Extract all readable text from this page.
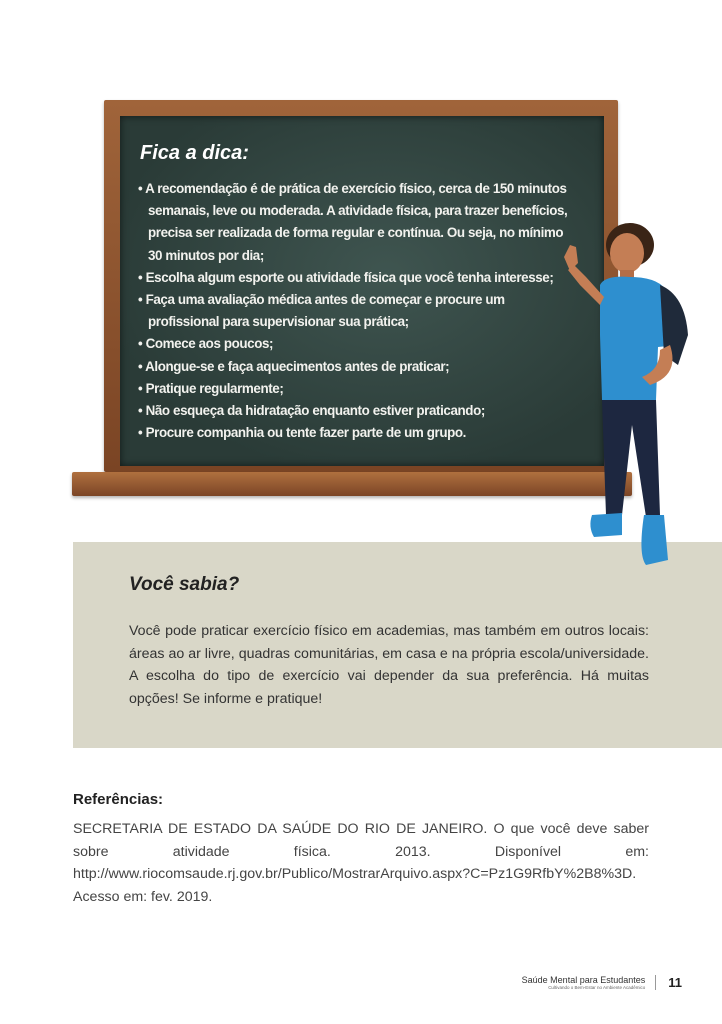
Fica a dica:
• A recomendação é de prática de exercício físico, cerca de 150 minutos semanais, leve ou moderada. A atividade física, para trazer benefícios, precisa ser realizada de forma regular e contínua. Ou seja, no mínimo 30 minutos por dia;
• Escolha algum esporte ou atividade física que você tenha interesse;
• Faça uma avaliação médica antes de começar e procure um profissional para supervisionar sua prática;
• Comece aos poucos;
• Alongue-se e faça aquecimentos antes de praticar;
• Pratique regularmente;
• Não esqueça da hidratação enquanto estiver praticando;
• Procure companhia ou tente fazer parte de um grupo.
Você sabia?
Você pode praticar exercício físico em academias, mas também em outros locais: áreas ao ar livre, quadras comunitárias, em casa e na própria escola/universidade. A escolha do tipo de exercício vai depender da sua preferência. Há muitas opções! Se informe e pratique!
Referências:
SECRETARIA DE ESTADO DA SAÚDE DO RIO DE JANEIRO. O que você deve saber sobre atividade física. 2013. Disponível em: http://www.riocomsaude.rj.gov.br/Publico/MostrarArquivo.aspx?C=Pz1G9RfbY%2B8%3D. Acesso em: fev. 2019.
Saúde Mental para Estudantes
Cultivando o Bem-Estar no Ambiente Acadêmico 11
